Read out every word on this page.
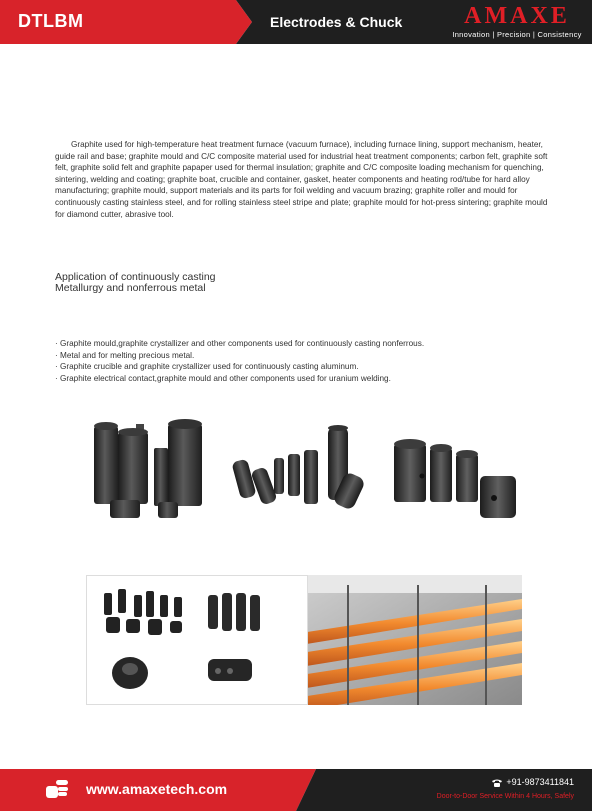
DTLBM	Electrodes & Chuck	AMAXE
Innovation | Precision | Consistency

Graphite used for high-temperature heat treatment furnace (vacuum furnace), including furnace lining, support mechanism, heater, guide rail and base; graphite mould and C/C composite material used for industrial heat treatment components; carbon felt, graphite soft felt, graphite solid felt and graphite papaper used for thermal insulation; graphite and C/C composite loading mechanism for quenching, sintering, welding and coating; graphite boat, crucible and container, gasket, heater components and heating rod/tube for hard alloy manufacturing; graphite mould, support materials and its parts for foil welding and vacuum brazing; graphite roller and mould for continuously casting stainless steel, and for rolling stainless steel stripe and plate; graphite mould for hot-press sintering; graphite mould for diamond cutter, abrasive tool.

Application of continuously casting
Metallurgy and nonferrous metal
· Graphite mould,graphite crystallizer and other components used for continuously casting nonferrous.
· Metal and for melting precious metal.
· Graphite crucible and graphite crystallizer used for continuously casting aluminum.
· Graphite electrical contact,graphite mould and other components used for uranium welding.
www.amaxetech.com	+91-9873411841
Door-to-Door Service Within 4 Hours, Safely
